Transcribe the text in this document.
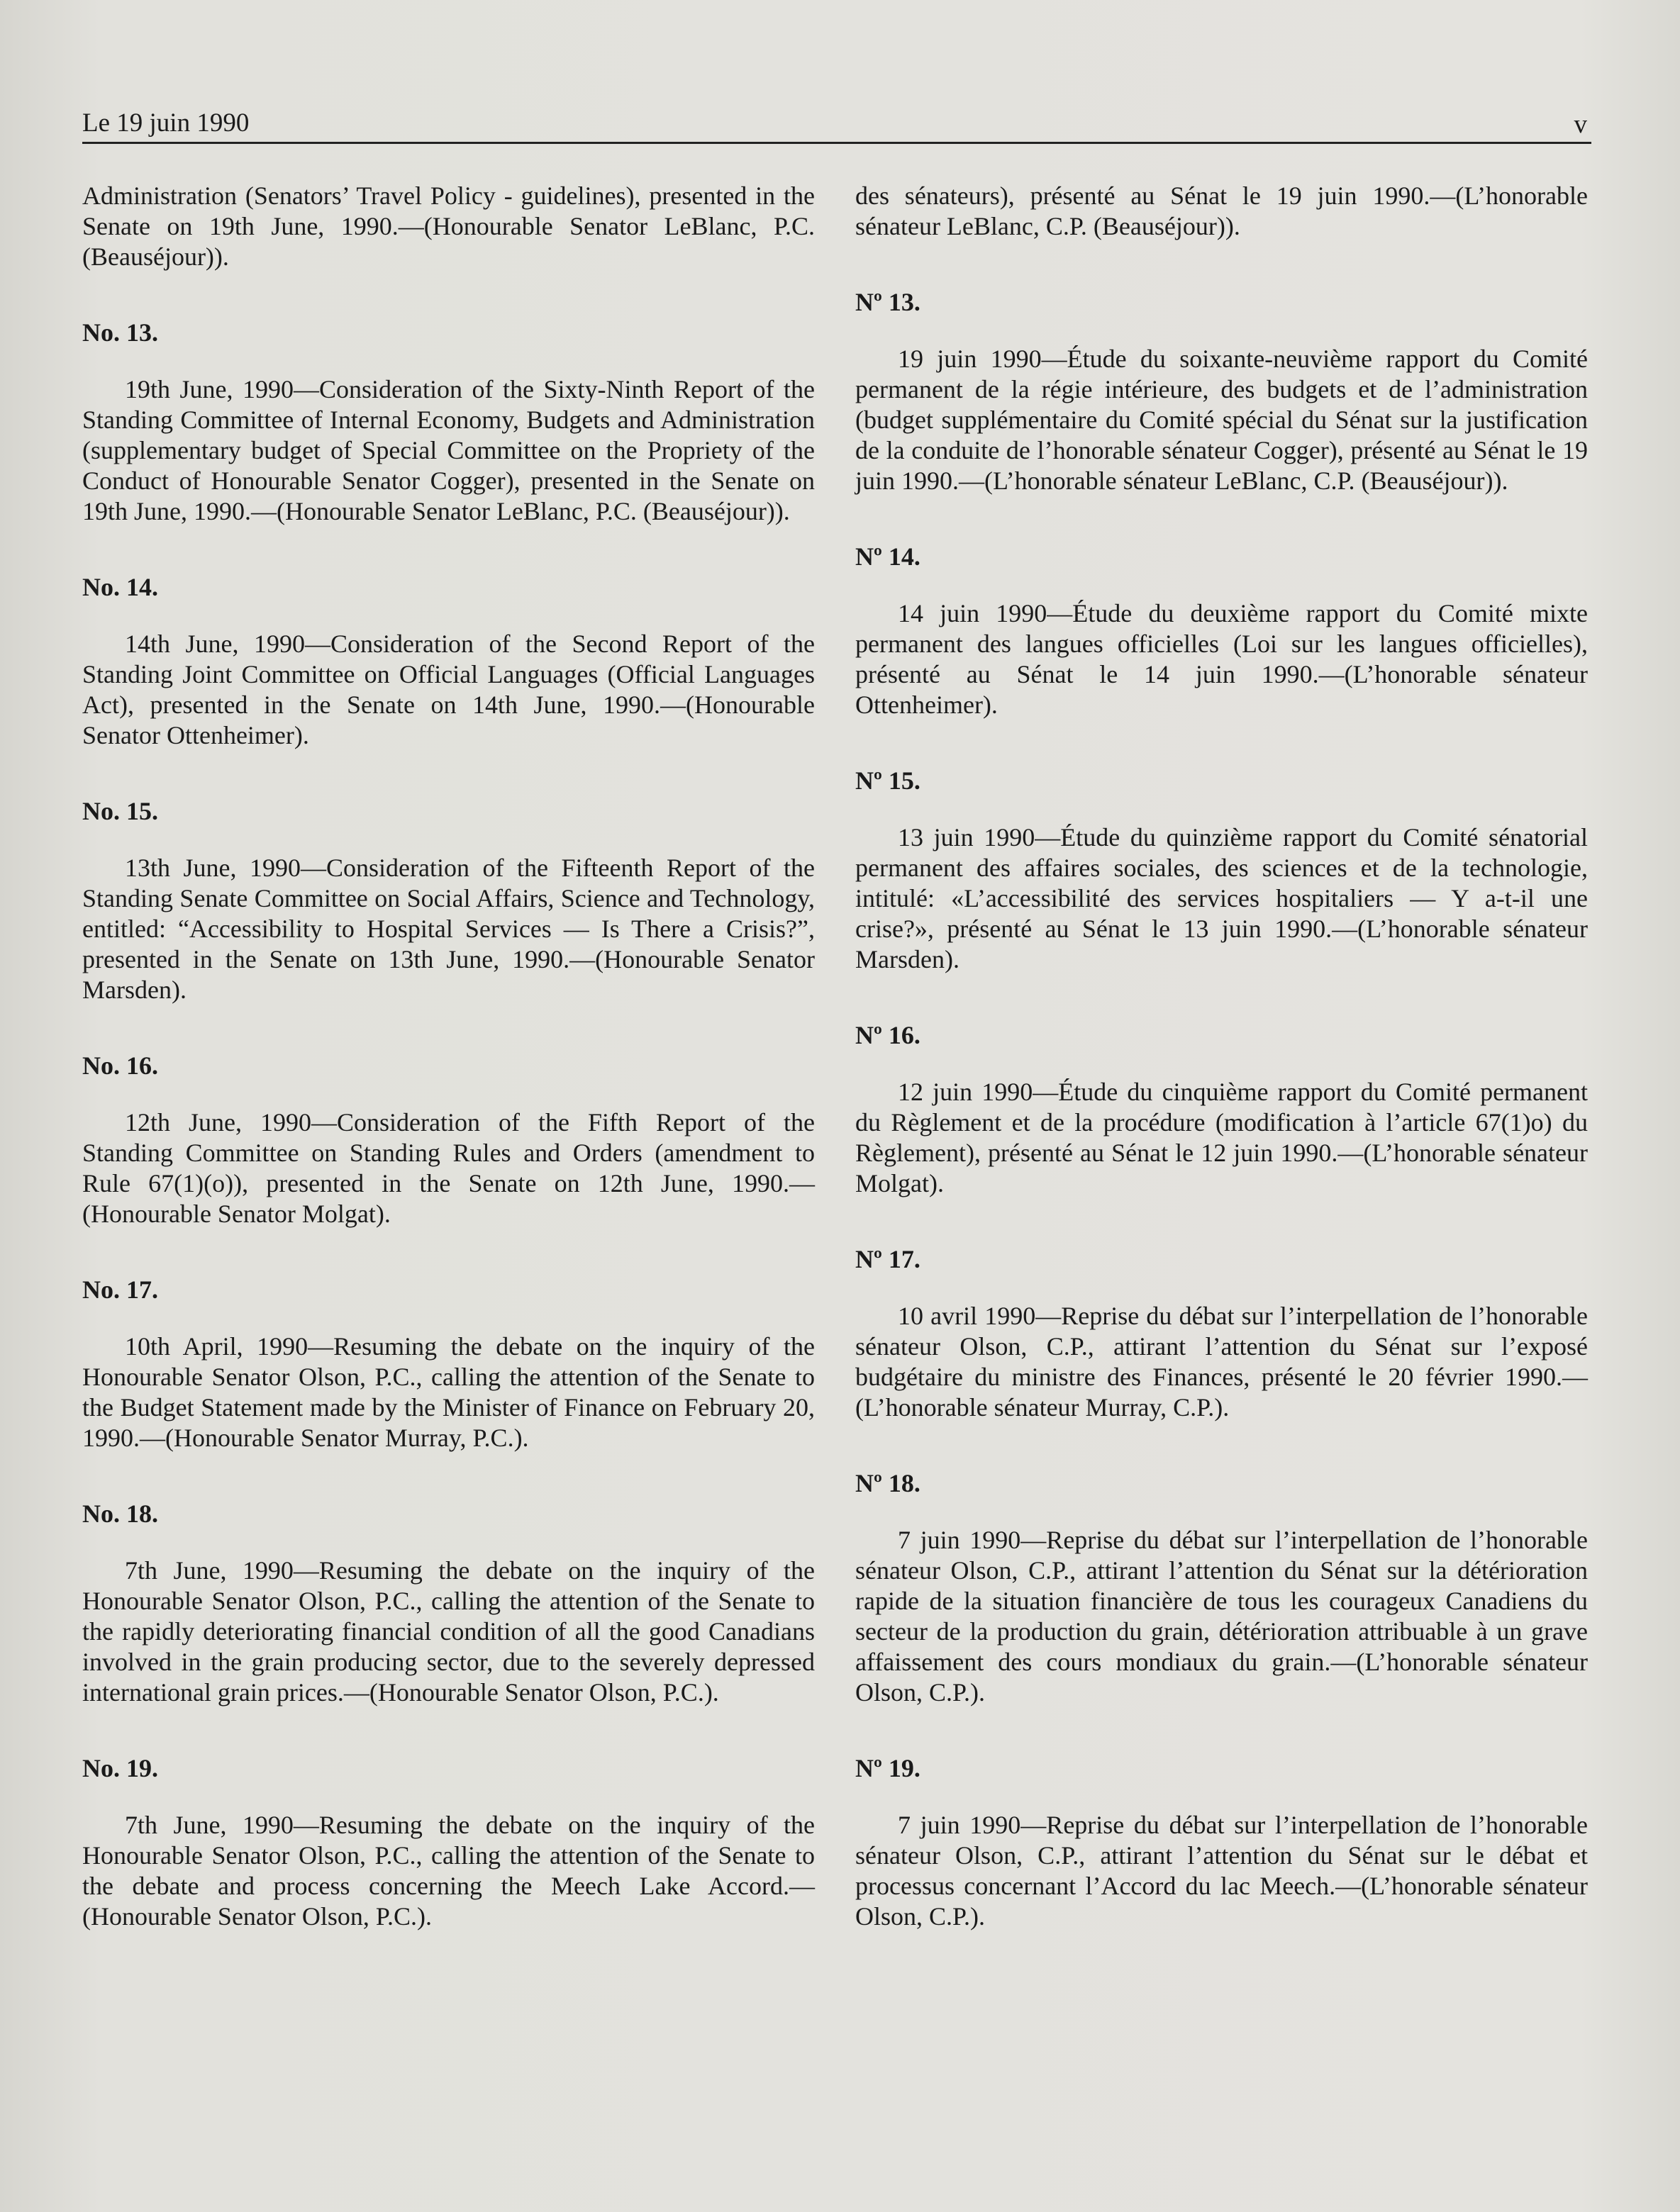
Le 19 juin 1990	v

Administration (Senators’ Travel Policy - guidelines), presented in the Senate on 19th June, 1990.—(Honourable Senator LeBlanc, P.C. (Beauséjour)).

No. 13.

19th June, 1990—Consideration of the Sixty-Ninth Report of the Standing Committee of Internal Economy, Budgets and Administration (supplementary budget of Special Committee on the Propriety of the Conduct of Honourable Senator Cogger), presented in the Senate on 19th June, 1990.—(Honourable Senator LeBlanc, P.C. (Beauséjour)).

No. 14.

14th June, 1990—Consideration of the Second Report of the Standing Joint Committee on Official Languages (Official Languages Act), presented in the Senate on 14th June, 1990.—(Honourable Senator Ottenheimer).

No. 15.

13th June, 1990—Consideration of the Fifteenth Report of the Standing Senate Committee on Social Affairs, Science and Technology, entitled: “Accessibility to Hospital Services — Is There a Crisis?”, presented in the Senate on 13th June, 1990.—(Honourable Senator Marsden).

No. 16.

12th June, 1990—Consideration of the Fifth Report of the Standing Committee on Standing Rules and Orders (amendment to Rule 67(1)(o)), presented in the Senate on 12th June, 1990.—(Honourable Senator Molgat).

No. 17.

10th April, 1990—Resuming the debate on the inquiry of the Honourable Senator Olson, P.C., calling the attention of the Senate to the Budget Statement made by the Minister of Finance on February 20, 1990.—(Honourable Senator Murray, P.C.).

No. 18.

7th June, 1990—Resuming the debate on the inquiry of the Honourable Senator Olson, P.C., calling the attention of the Senate to the rapidly deteriorating financial condition of all the good Canadians involved in the grain producing sector, due to the severely depressed international grain prices.—(Honourable Senator Olson, P.C.).

No. 19.

7th June, 1990—Resuming the debate on the inquiry of the Honourable Senator Olson, P.C., calling the attention of the Senate to the debate and process concerning the Meech Lake Accord.—(Honourable Senator Olson, P.C.).

des sénateurs), présenté au Sénat le 19 juin 1990.—(L’honorable sénateur LeBlanc, C.P. (Beauséjour)).

Nº 13.

19 juin 1990—Étude du soixante-neuvième rapport du Comité permanent de la régie intérieure, des budgets et de l’administration (budget supplémentaire du Comité spécial du Sénat sur la justification de la conduite de l’honorable sénateur Cogger), présenté au Sénat le 19 juin 1990.—(L’honorable sénateur LeBlanc, C.P. (Beauséjour)).

Nº 14.

14 juin 1990—Étude du deuxième rapport du Comité mixte permanent des langues officielles (Loi sur les langues officielles), présenté au Sénat le 14 juin 1990.—(L’honorable sénateur Ottenheimer).

Nº 15.

13 juin 1990—Étude du quinzième rapport du Comité sénatorial permanent des affaires sociales, des sciences et de la technologie, intitulé: «L’accessibilité des services hospitaliers — Y a-t-il une crise?», présenté au Sénat le 13 juin 1990.—(L’honorable sénateur Marsden).

Nº 16.

12 juin 1990—Étude du cinquième rapport du Comité permanent du Règlement et de la procédure (modification à l’article 67(1)o) du Règlement), présenté au Sénat le 12 juin 1990.—(L’honorable sénateur Molgat).

Nº 17.

10 avril 1990—Reprise du débat sur l’interpellation de l’honorable sénateur Olson, C.P., attirant l’attention du Sénat sur l’exposé budgétaire du ministre des Finances, présenté le 20 février 1990.—(L’honorable sénateur Murray, C.P.).

Nº 18.

7 juin 1990—Reprise du débat sur l’interpellation de l’honorable sénateur Olson, C.P., attirant l’attention du Sénat sur la détérioration rapide de la situation financière de tous les courageux Canadiens du secteur de la production du grain, détérioration attribuable à un grave affaissement des cours mondiaux du grain.—(L’honorable sénateur Olson, C.P.).

Nº 19.

7 juin 1990—Reprise du débat sur l’interpellation de l’honorable sénateur Olson, C.P., attirant l’attention du Sénat sur le débat et processus concernant l’Accord du lac Meech.—(L’honorable sénateur Olson, C.P.).
